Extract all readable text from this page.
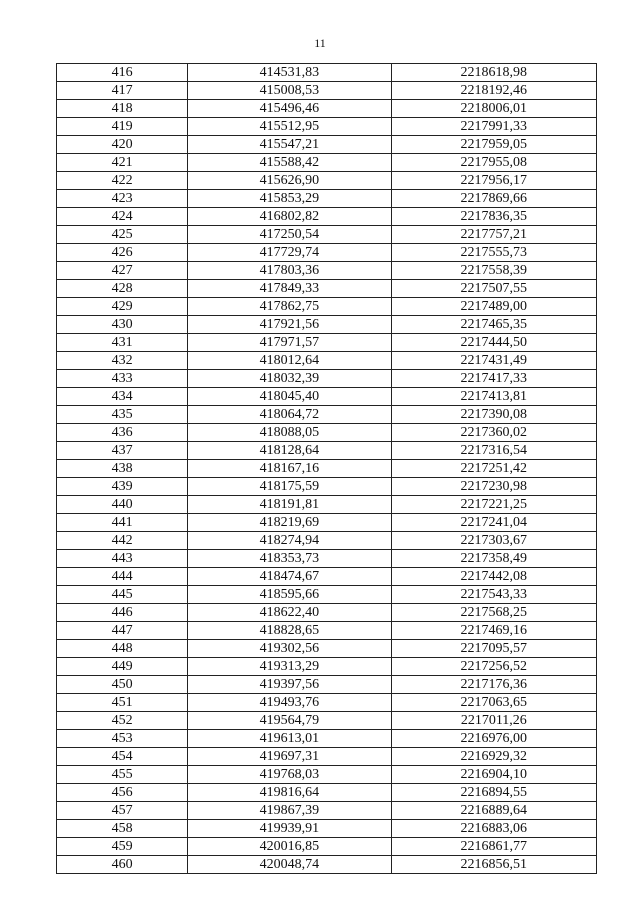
11
416	414531,83	2218618,98
417	415008,53	2218192,46
418	415496,46	2218006,01
419	415512,95	2217991,33
420	415547,21	2217959,05
421	415588,42	2217955,08
422	415626,90	2217956,17
423	415853,29	2217869,66
424	416802,82	2217836,35
425	417250,54	2217757,21
426	417729,74	2217555,73
427	417803,36	2217558,39
428	417849,33	2217507,55
429	417862,75	2217489,00
430	417921,56	2217465,35
431	417971,57	2217444,50
432	418012,64	2217431,49
433	418032,39	2217417,33
434	418045,40	2217413,81
435	418064,72	2217390,08
436	418088,05	2217360,02
437	418128,64	2217316,54
438	418167,16	2217251,42
439	418175,59	2217230,98
440	418191,81	2217221,25
441	418219,69	2217241,04
442	418274,94	2217303,67
443	418353,73	2217358,49
444	418474,67	2217442,08
445	418595,66	2217543,33
446	418622,40	2217568,25
447	418828,65	2217469,16
448	419302,56	2217095,57
449	419313,29	2217256,52
450	419397,56	2217176,36
451	419493,76	2217063,65
452	419564,79	2217011,26
453	419613,01	2216976,00
454	419697,31	2216929,32
455	419768,03	2216904,10
456	419816,64	2216894,55
457	419867,39	2216889,64
458	419939,91	2216883,06
459	420016,85	2216861,77
460	420048,74	2216856,51
